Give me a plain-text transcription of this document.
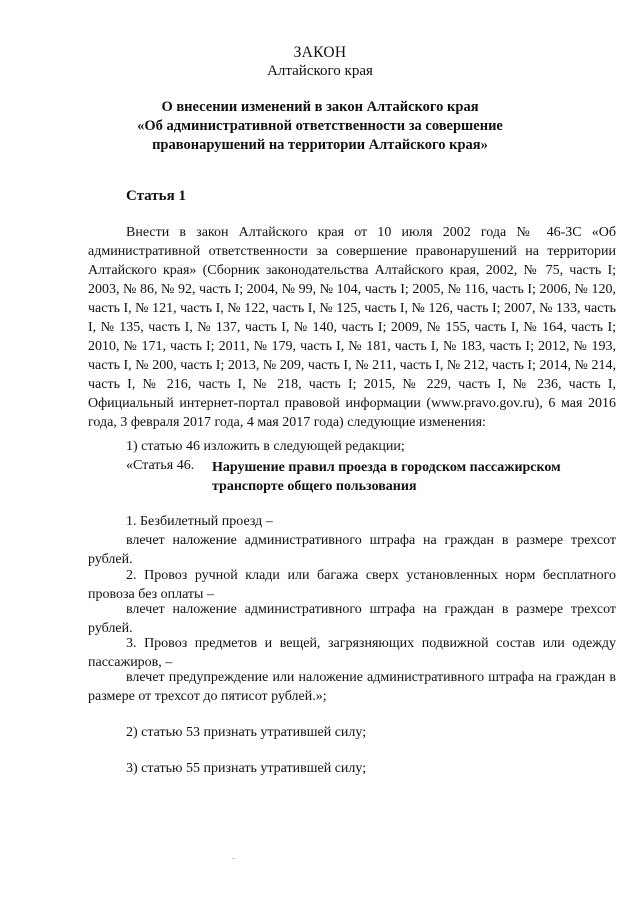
ЗАКОН
Алтайского края
О внесении изменений в закон Алтайского края
«Об административной ответственности за совершение
правонарушений на территории Алтайского края»
Статья 1
Внести в закон Алтайского края от 10 июля 2002 года № 46-ЗС «Об административной ответственности за совершение правонарушений на территории Алтайского края» (Сборник законодательства Алтайского края, 2002, № 75, часть I; 2003, № 86, № 92, часть I; 2004, № 99, № 104, часть I; 2005, № 116, часть I; 2006, № 120, часть I, № 121, часть I, № 122, часть I, № 125, часть I, № 126, часть I; 2007, № 133, часть I, № 135, часть I, № 137, часть I, № 140, часть I; 2009, № 155, часть I, № 164, часть I; 2010, № 171, часть I; 2011, № 179, часть I, № 181, часть I, № 183, часть I; 2012, № 193, часть I, № 200, часть I; 2013, № 209, часть I, № 211, часть I, № 212, часть I; 2014, № 214, часть I, № 216, часть I, № 218, часть I; 2015, № 229, часть I, № 236, часть I, Официальный интернет-портал правовой информации (www.pravo.gov.ru), 6 мая 2016 года, 3 февраля 2017 года, 4 мая 2017 года) следующие изменения:
1) статью 46 изложить в следующей редакции;
«Статья 46. Нарушение правил проезда в городском пассажирском транспорте общего пользования
1. Безбилетный проезд –
влечет наложение административного штрафа на граждан в размере трехсот рублей.
2. Провоз ручной клади или багажа сверх установленных норм бесплатного провоза без оплаты –
влечет наложение административного штрафа на граждан в размере трехсот рублей.
3. Провоз предметов и вещей, загрязняющих подвижной состав или одежду пассажиров, –
влечет предупреждение или наложение административного штрафа на граждан в размере от трехсот до пятисот рублей.»;
2) статью 53 признать утратившей силу;
3) статью 55 признать утратившей силу;
